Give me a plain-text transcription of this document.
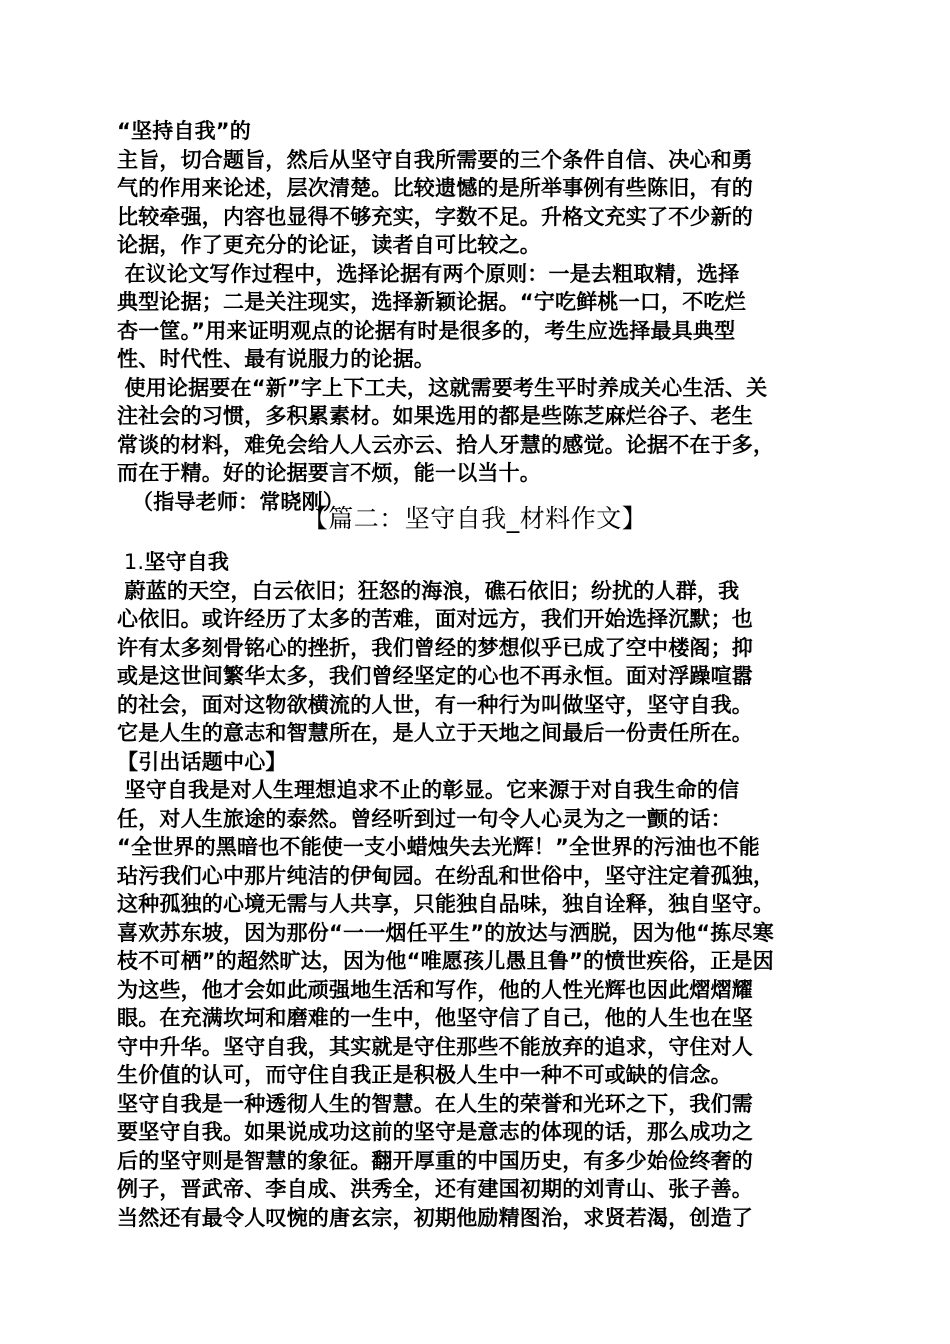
“坚持自我”的
主旨，切合题旨，然后从坚守自我所需要的三个条件自信、决心和勇
气的作用来论述，层次清楚。比较遗憾的是所举事例有些陈旧，有的
比较牵强，内容也显得不够充实，字数不足。升格文充实了不少新的
论据，作了更充分的论证，读者自可比较之。
在议论文写作过程中，选择论据有两个原则：一是去粗取精，选择
典型论据；二是关注现实，选择新颖论据。“宁吃鲜桃一口，不吃烂
杏一筐。”用来证明观点的论据有时是很多的，考生应选择最具典型
性、时代性、最有说服力的论据。
使用论据要在“新”字上下工夫，这就需要考生平时养成关心生活、关
注社会的习惯，多积累素材。如果选用的都是些陈芝麻烂谷子、老生
常谈的材料，难免会给人人云亦云、拾人牙慧的感觉。论据不在于多，
而在于精。好的论据要言不烦，能一以当十。
（指导老师：常晓刚）
【篇二：坚守自我_材料作文】
1.坚守自我
蔚蓝的天空，白云依旧；狂怒的海浪，礁石依旧；纷扰的人群，我
心依旧。或许经历了太多的苦难，面对远方，我们开始选择沉默；也
许有太多刻骨铭心的挫折，我们曾经的梦想似乎已成了空中楼阁；抑
或是这世间繁华太多，我们曾经坚定的心也不再永恒。面对浮躁喧嚣
的社会，面对这物欲横流的人世，有一种行为叫做坚守，坚守自我。
它是人生的意志和智慧所在，是人立于天地之间最后一份责任所在。
【引出话题中心】
坚守自我是对人生理想追求不止的彰显。它来源于对自我生命的信
任，对人生旅途的泰然。曾经听到过一句令人心灵为之一颤的话：
“全世界的黑暗也不能使一支小蜡烛失去光辉！”全世界的污油也不能
玷污我们心中那片纯洁的伊甸园。在纷乱和世俗中，坚守注定着孤独，
这种孤独的心境无需与人共享，只能独自品味，独自诠释，独自坚守。
喜欢苏东坡，因为那份“一一烟任平生”的放达与洒脱，因为他“拣尽寒
枝不可栖”的超然旷达，因为他“唯愿孩儿愚且鲁”的愤世疾俗，正是因
为这些，他才会如此顽强地生活和写作，他的人性光辉也因此熠熠耀
眼。在充满坎坷和磨难的一生中，他坚守信了自己，他的人生也在坚
守中升华。坚守自我，其实就是守住那些不能放弃的追求，守住对人
生价值的认可，而守住自我正是积极人生中一种不可或缺的信念。
坚守自我是一种透彻人生的智慧。在人生的荣誉和光环之下，我们需
要坚守自我。如果说成功这前的坚守是意志的体现的话，那么成功之
后的坚守则是智慧的象征。翻开厚重的中国历史，有多少始俭终奢的
例子，晋武帝、李自成、洪秀全，还有建国初期的刘青山、张子善。
当然还有最令人叹惋的唐玄宗，初期他励精图治，求贤若渴，创造了
